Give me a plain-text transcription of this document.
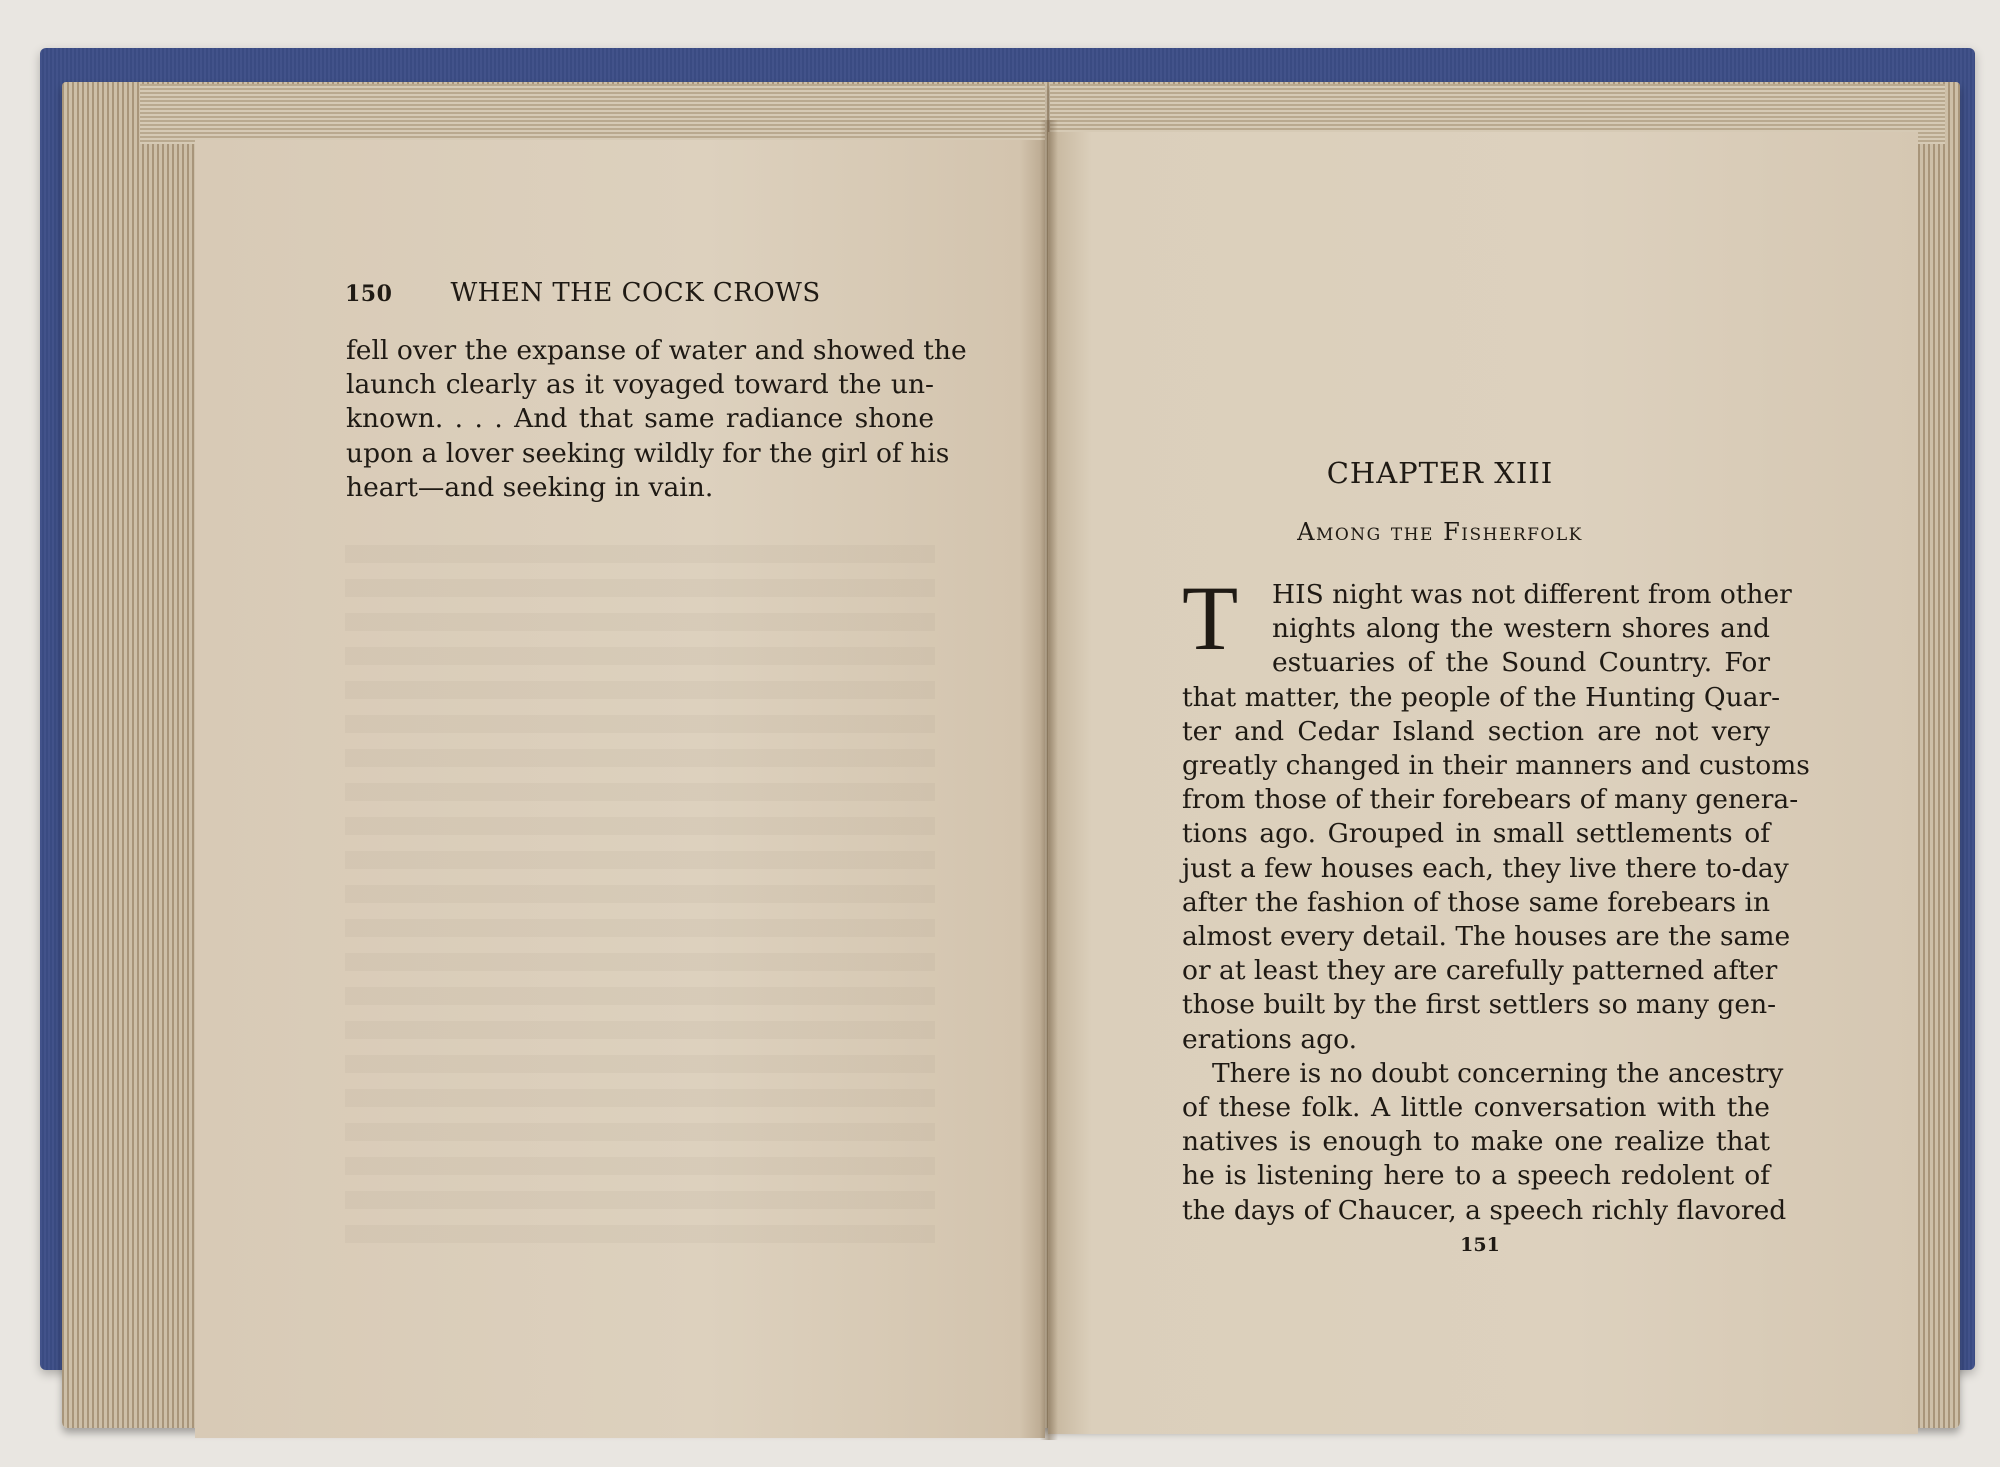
150 WHEN THE COCK CROWS
fell over the expanse of water and showed the
launch clearly as it voyaged toward the un-
known. . . . And that same radiance shone
upon a lover seeking wildly for the girl of his
heart—and seeking in vain.	CHAPTER XIII
Among the Fisherfolk
T HIS night was not different from other
nights along the western shores and
estuaries of the Sound Country. For
that matter, the people of the Hunting Quar-
ter and Cedar Island section are not very
greatly changed in their manners and customs
from those of their forebears of many genera-
tions ago. Grouped in small settlements of
just a few houses each, they live there to-day
after the fashion of those same forebears in
almost every detail. The houses are the same
or at least they are carefully patterned after
those built by the first settlers so many gen-
erations ago.
There is no doubt concerning the ancestry
of these folk. A little conversation with the
natives is enough to make one realize that
he is listening here to a speech redolent of
the days of Chaucer, a speech richly flavored
151
